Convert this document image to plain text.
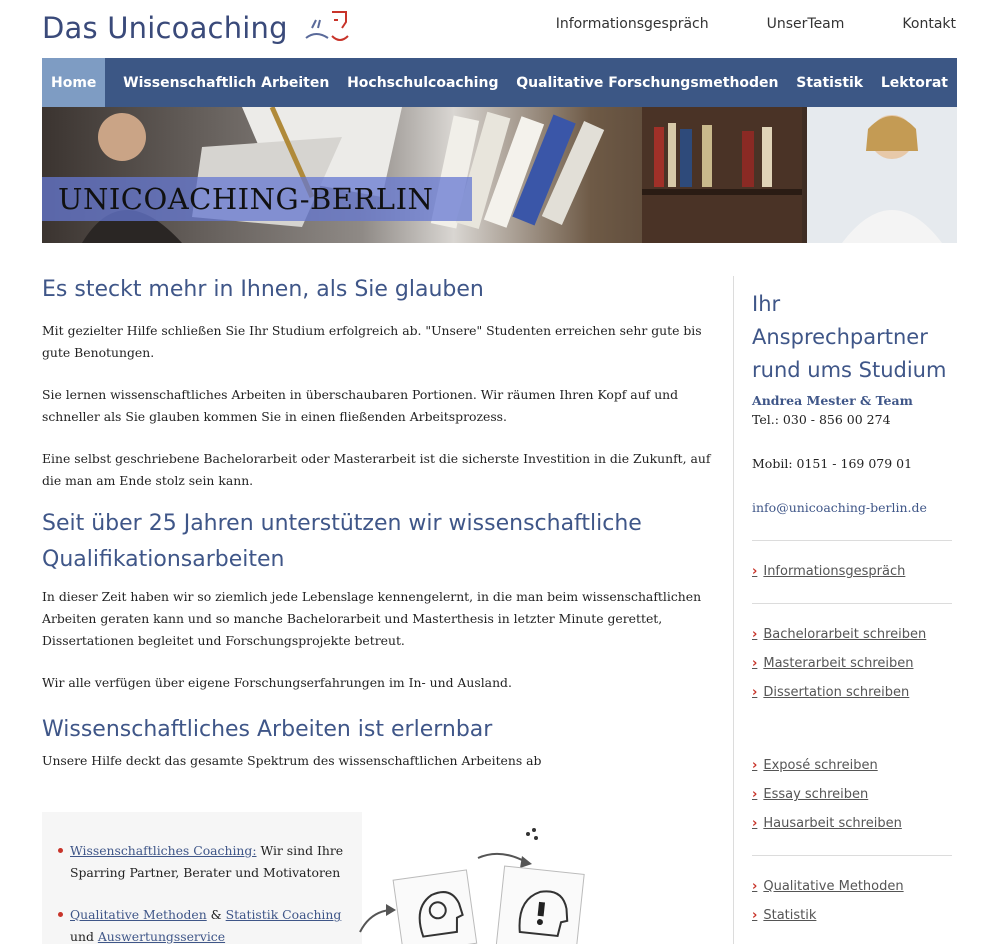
Das Unicoaching	Informationsgespräch	UnserTeam	Kontakt
Home	Wissenschaftlich Arbeiten Hochschulcoaching Qualitative Forschungsmethoden Statistik Lektorat
UNICOACHING-BERLIN
Es steckt mehr in Ihnen, als Sie glauben

Mit gezielter Hilfe schließen Sie Ihr Studium erfolgreich ab. "Unsere" Studenten erreichen sehr gute bis gute Benotungen.

Sie lernen wissenschaftliches Arbeiten in überschaubaren Portionen. Wir räumen Ihren Kopf auf und schneller als Sie glauben kommen Sie in einen fließenden Arbeitsprozess.

Eine selbst geschriebene Bachelorarbeit oder Masterarbeit ist die sicherste Investition in die Zukunft, auf die man am Ende stolz sein kann.

Seit über 25 Jahren unterstützen wir wissenschaftliche Qualifikationsarbeiten

In dieser Zeit haben wir so ziemlich jede Lebenslage kennengelernt, in die man beim wissenschaftlichen Arbeiten geraten kann und so manche Bachelorarbeit und Masterthesis in letzter Minute gerettet, Dissertationen begleitet und Forschungsprojekte betreut.

Wir alle verfügen über eigene Forschungserfahrungen im In- und Ausland.

Wissenschaftliches Arbeiten ist erlernbar

Unsere Hilfe deckt das gesamte Spektrum des wissenschaftlichen Arbeitens ab

Wissenschaftliches Coaching: Wir sind Ihre Sparring Partner, Berater und Motivatoren
Qualitative Methoden & Statistik Coaching und Auswertungsservice
Ihr Ansprechpartner rund ums Studium
Andrea Mester & Team
Tel.: 030 - 856 00 274
Mobil: 0151 - 169 079 01
info@unicoaching-berlin.de
› Informationsgespräch
› Bachelorarbeit schreiben
› Masterarbeit schreiben
› Dissertation schreiben
› Exposé schreiben
› Essay schreiben
› Hausarbeit schreiben
› Qualitative Methoden
› Statistik
